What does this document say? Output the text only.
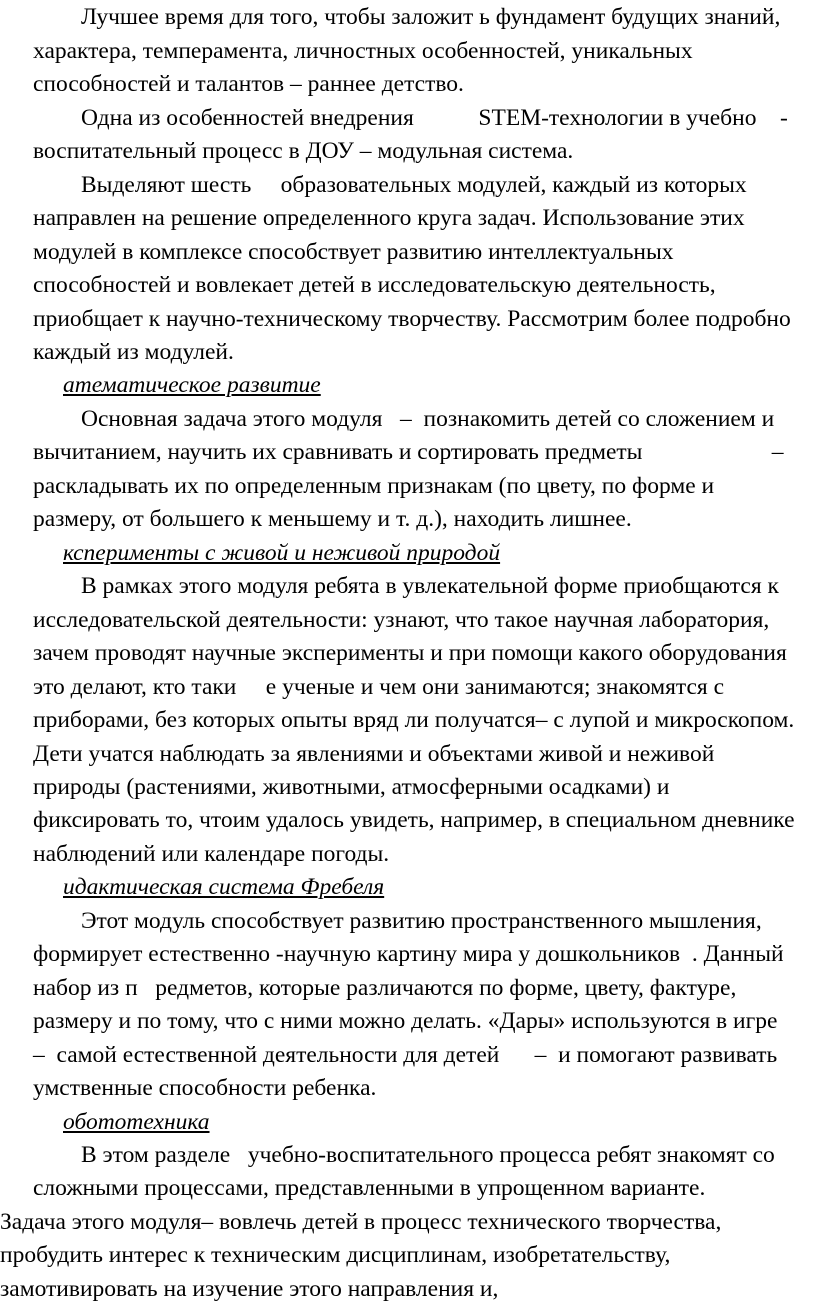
Лучшее время для того, чтобы заложит ь фундамент будущих знаний,
характера, темперамента, личностных особенностей, уникальных
способностей и талантов – раннее детство.
Одна из особенностей внедрения           STEM-технологии в учебно    -
воспитательный процесс в ДОУ – модульная система.
Выделяют шесть     образовательных модулей, каждый из которых
направлен на решение определенного круга задач. Использование этих
модулей в комплексе способствует развитию интеллектуальных
способностей и вовлекает детей в исследовательскую деятельность,
приобщает к научно-техническому творчеству. Рассмотрим более подробно
каждый из модулей.
атематическое развитие
Основная задача этого модуля   –  познакомить детей со сложением и
вычитанием, научить их сравнивать и сортировать предметы                      –
раскладывать их по определенным признакам (по цвету, по форме и
размеру, от большего к меньшему и т. д.), находить лишнее.
ксперименты с живой и неживой природой
В рамках этого модуля ребята в увлекательной форме приобщаются к
исследовательской деятельности: узнают, что такое научная лаборатория,
зачем проводят научные эксперименты и при помощи какого оборудования
это делают, кто таки     е ученые и чем они занимаются; знакомятся с
приборами, без которых опыты вряд ли получатся– с лупой и микроскопом.
Дети учатся наблюдать за явлениями и объектами живой и неживой
природы (растениями, животными, атмосферными осадками) и
фиксировать то, чтоим удалось увидеть, например, в специальном дневнике
наблюдений или календаре погоды.
идактическая система Фребеля
Этот модуль способствует развитию пространственного мышления,
формирует естественно -научную картину мира у дошкольников  . Данный
набор из п   редметов, которые различаются по форме, цвету, фактуре,
размеру и по тому, что с ними можно делать. «Дары» используются в игре
–  самой естественной деятельности для детей      –  и помогают развивать
умственные способности ребенка.
обототехника
В этом разделе   учебно-воспитательного процесса ребят знакомят со
сложными процессами, представленными в упрощенном варианте.
Задача этого модуля– вовлечь детей в процесс технического творчества,
пробудить интерес к техническим дисциплинам, изобретательству,
замотивировать на изучение этого направления и,
